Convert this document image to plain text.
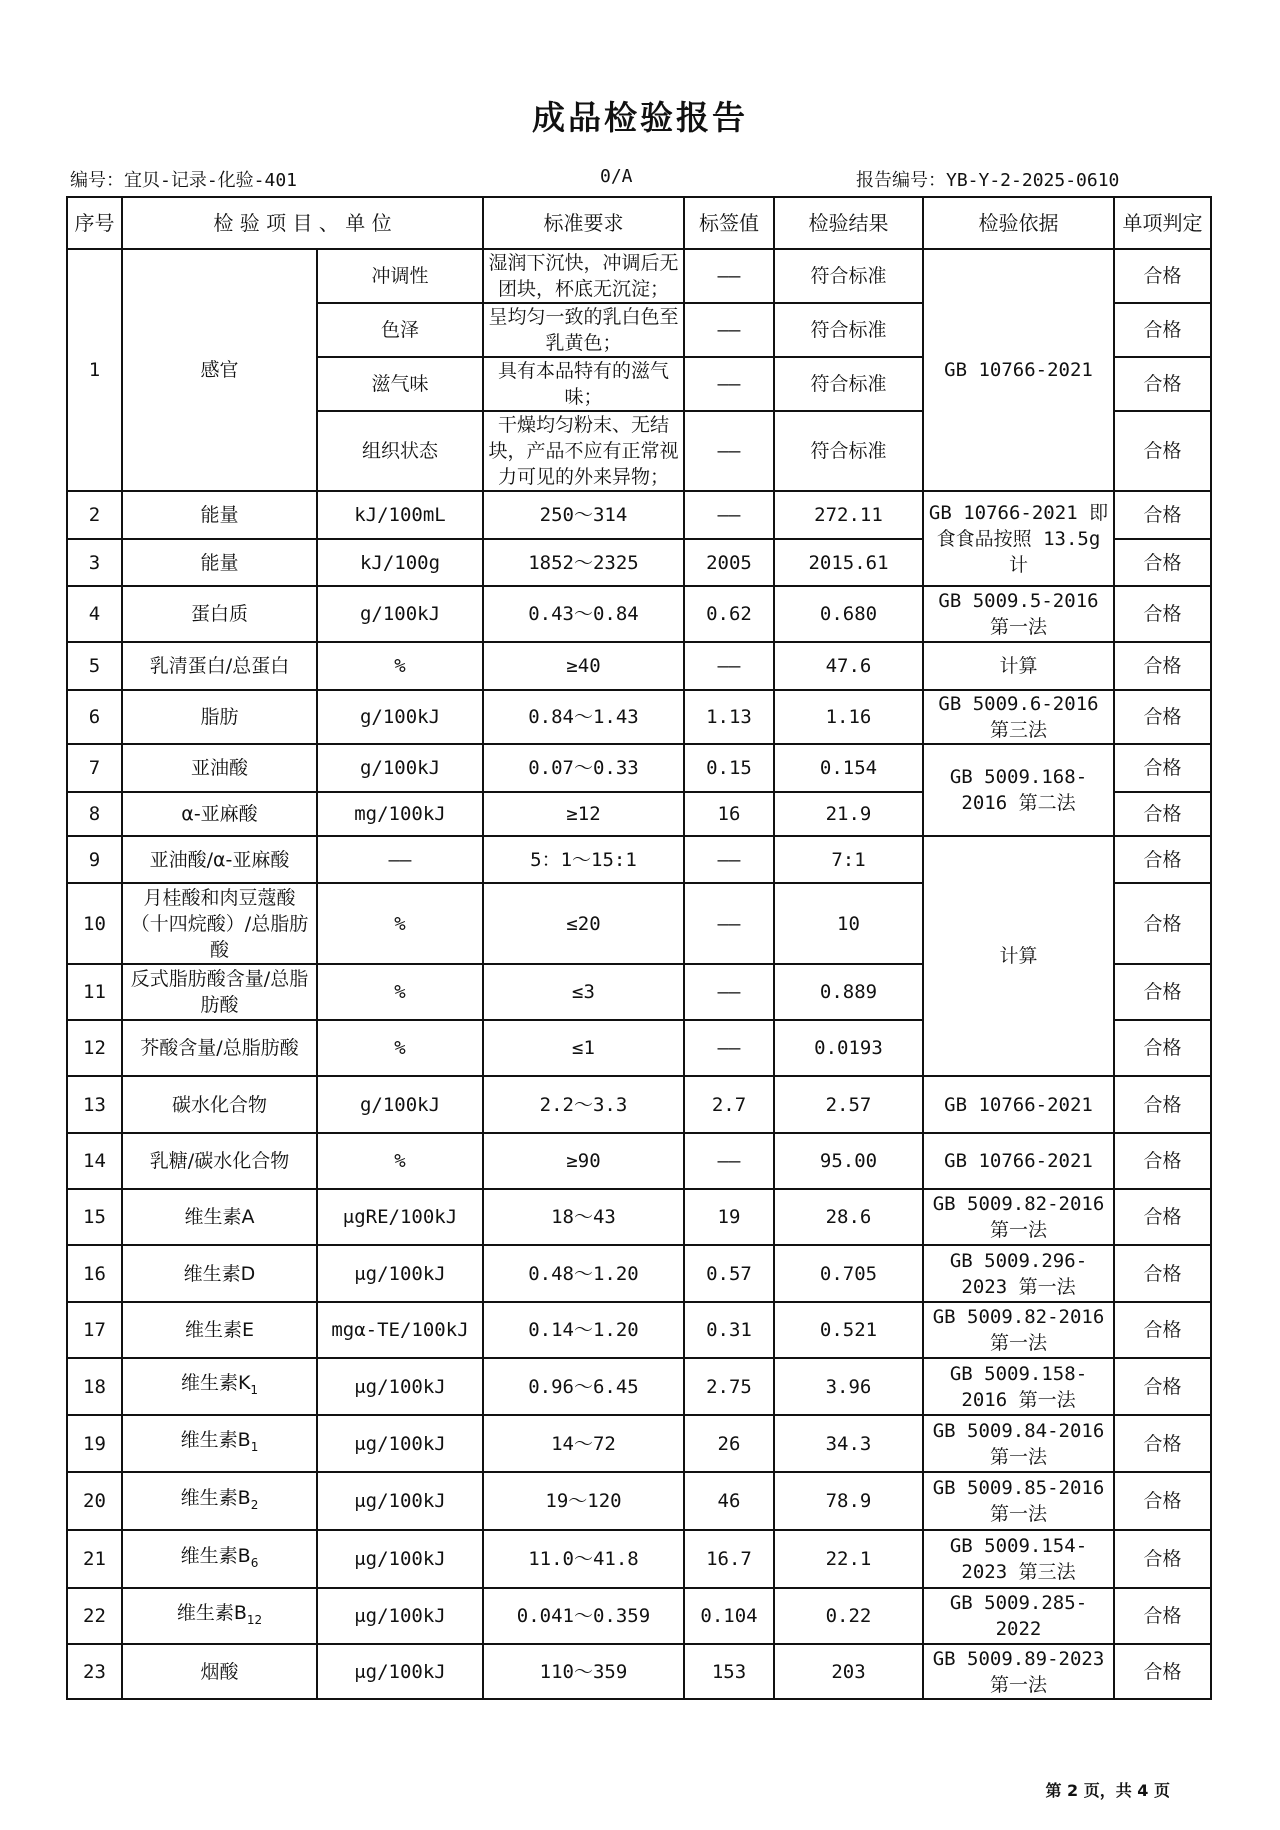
成品检验报告
编号：宜贝-记录-化验-401	0/A	报告编号：YB-Y-2-2025-0610
序号	检 验 项 目 、 单 位		标准要求	标签值	检验结果	检验依据	单项判定
1	感官	冲调性	湿润下沉快，冲调后无团块，杯底无沉淀；	——	符合标准	GB 10766-2021	合格
		色泽	呈均匀一致的乳白色至乳黄色；	——	符合标准		合格
		滋气味	具有本品特有的滋气味；	——	符合标准		合格
		组织状态	干燥均匀粉末、无结块，产品不应有正常视力可见的外来异物；	——	符合标准		合格
2	能量	kJ/100mL	250～314	——	272.11	GB 10766-2021 即食食品按照 13.5g计	合格
3	能量	kJ/100g	1852～2325	2005	2015.61		合格
4	蛋白质	g/100kJ	0.43～0.84	0.62	0.680	GB 5009.5-2016 第一法	合格
5	乳清蛋白/总蛋白	%	≥40	——	47.6	计算	合格
6	脂肪	g/100kJ	0.84～1.43	1.13	1.16	GB 5009.6-2016 第三法	合格
7	亚油酸	g/100kJ	0.07～0.33	0.15	0.154	GB 5009.168-2016 第二法	合格
8	α-亚麻酸	mg/100kJ	≥12	16	21.9		合格
9	亚油酸/α-亚麻酸	——	5：1～15:1	——	7:1	计算	合格
10	月桂酸和肉豆蔻酸（十四烷酸）/总脂肪酸	%	≤20	——	10		合格
11	反式脂肪酸含量/总脂肪酸	%	≤3	——	0.889		合格
12	芥酸含量/总脂肪酸	%	≤1	——	0.0193		合格
13	碳水化合物	g/100kJ	2.2～3.3	2.7	2.57	GB 10766-2021	合格
14	乳糖/碳水化合物	%	≥90	——	95.00	GB 10766-2021	合格
15	维生素A	μgRE/100kJ	18～43	19	28.6	GB 5009.82-2016 第一法	合格
16	维生素D	μg/100kJ	0.48～1.20	0.57	0.705	GB 5009.296-2023 第一法	合格
17	维生素E	mgα-TE/100kJ	0.14～1.20	0.31	0.521	GB 5009.82-2016 第一法	合格
18	维生素$K_1$	μg/100kJ	0.96～6.45	2.75	3.96	GB 5009.158-2016 第一法	合格
19	维生素$B_1$	μg/100kJ	14～72	26	34.3	GB 5009.84-2016 第一法	合格
20	维生素$B_2$	μg/100kJ	19～120	46	78.9	GB 5009.85-2016 第一法	合格
21	维生素$B_6$	μg/100kJ	11.0～41.8	16.7	22.1	GB 5009.154-2023 第三法	合格
22	维生素$B_{12}$	μg/100kJ	0.041～0.359	0.104	0.22	GB 5009.285-2022	合格
23	烟酸	μg/100kJ	110～359	153	203	GB 5009.89-2023 第一法	合格
第 2 页，共 4 页
